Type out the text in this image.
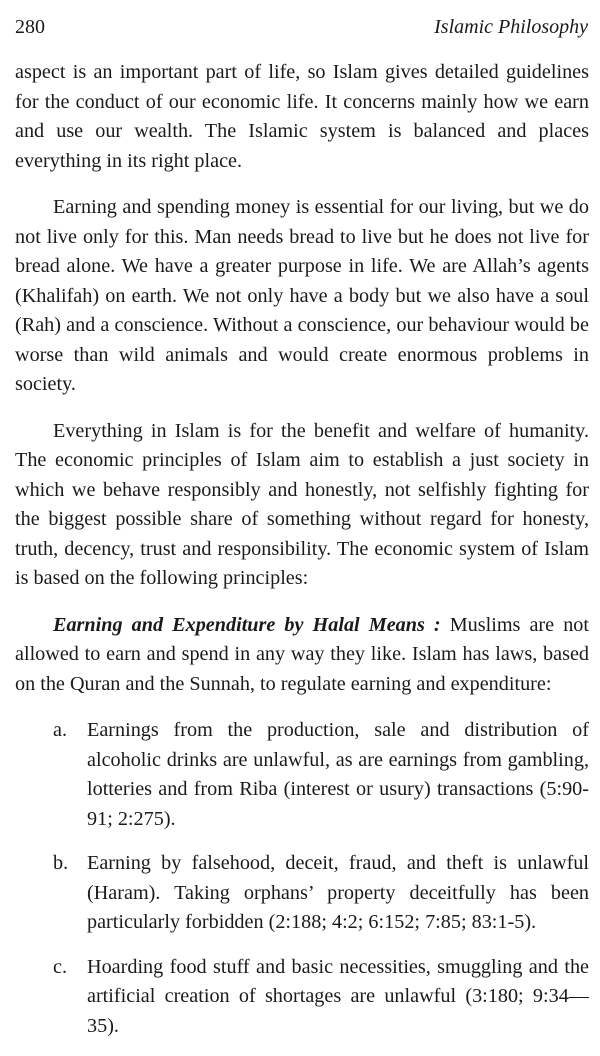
280	Islamic Philosophy

aspect is an important part of life, so Islam gives detailed guidelines for the conduct of our economic life. It concerns mainly how we earn and use our wealth. The Islamic system is balanced and places everything in its right place.

Earning and spending money is essential for our living, but we do not live only for this. Man needs bread to live but he does not live for bread alone. We have a greater purpose in life. We are Allah’s agents (Khalifah) on earth. We not only have a body but we also have a soul (Rah) and a conscience. Without a conscience, our behaviour would be worse than wild animals and would create enormous problems in society.

Everything in Islam is for the benefit and welfare of humanity. The economic principles of Islam aim to establish a just society in which we behave responsibly and honestly, not selfishly fighting for the biggest possible share of something without regard for honesty, truth, decency, trust and responsibility. The economic system of Islam is based on the following principles:

Earning and Expenditure by Halal Means : Muslims are not allowed to earn and spend in any way they like. Islam has laws, based on the Quran and the Sunnah, to regulate earning and expenditure:

a. Earnings from the production, sale and distribution of alcoholic drinks are unlawful, as are earnings from gambling, lotteries and from Riba (interest or usury) transactions (5:90-91; 2:275).
b. Earning by falsehood, deceit, fraud, and theft is unlawful (Haram). Taking orphans’ property deceitfully has been particularly forbidden (2:188; 4:2; 6:152; 7:85; 83:1-5).
c. Hoarding food stuff and basic necessities, smuggling and the artificial creation of shortages are unlawful (3:180; 9:34—35).
